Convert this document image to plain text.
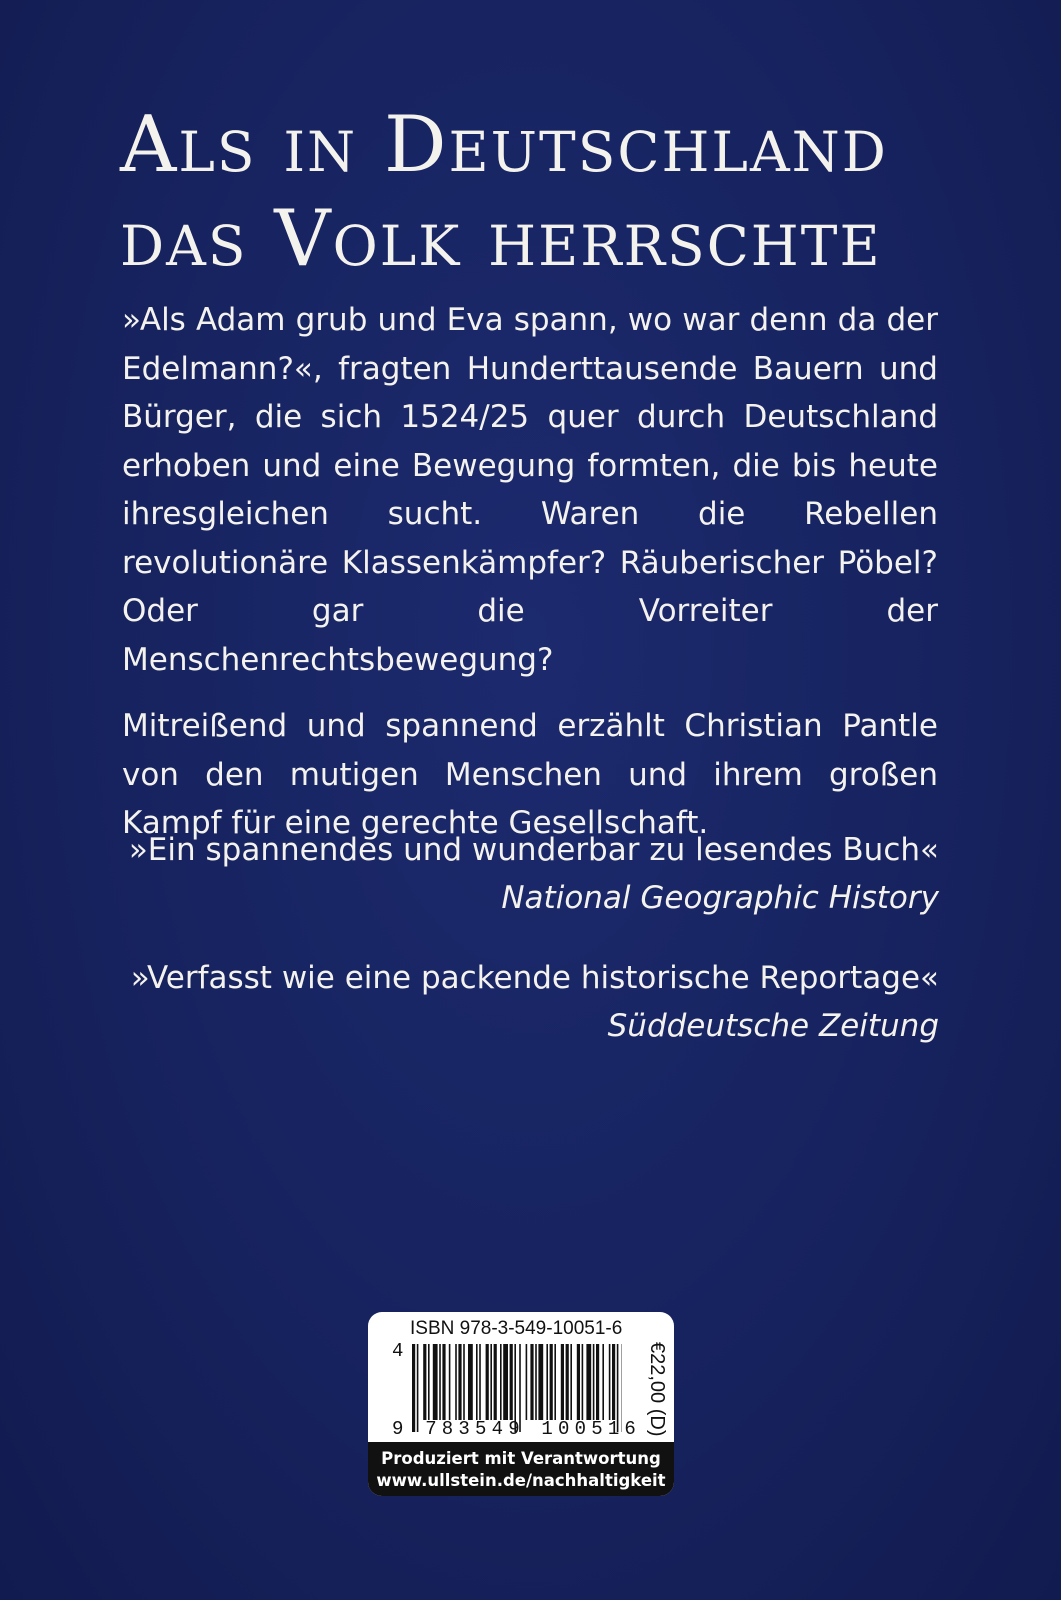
Als in Deutschland
das Volk herrschte

»Als Adam grub und Eva spann, wo war denn da der Edelmann?«, fragten Hunderttausende Bauern und Bürger, die sich 1524/25 quer durch Deutschland erhoben und eine Bewegung formten, die bis heute ihresgleichen sucht. Waren die Rebellen revolutionäre Klassenkämpfer? Räuberischer Pöbel? Oder gar die Vorreiter der Menschenrechtsbewegung?

Mitreißend und spannend erzählt Christian Pantle von den mutigen Menschen und ihrem großen Kampf für eine gerechte Gesellschaft.

»Ein spannendes und wunderbar zu lesendes Buch«
National Geographic History
»Verfasst wie eine packende historische Reportage«
Süddeutsche Zeitung
ISBN 978-3-549-10051-6
4
9 783549 100516 €22,00 (D)
Produziert mit Verantwortung
www.ullstein.de/nachhaltigkeit
